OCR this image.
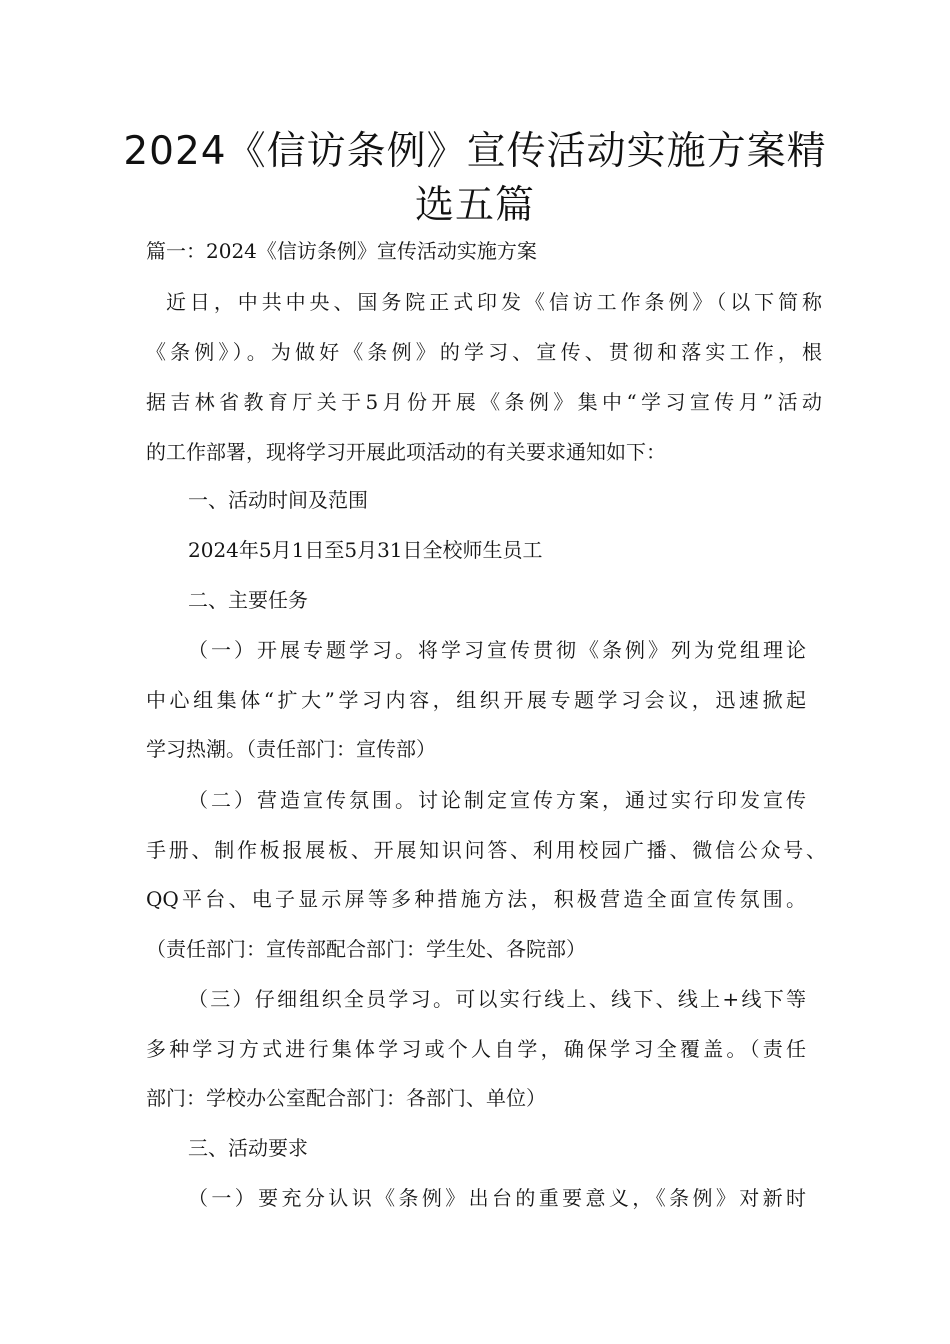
2024《信访条例》宣传活动实施方案精
选五篇
篇一：2024《信访条例》宣传活动实施方案
近日，中共中央、国务院正式印发《信访工作条例》（以下简称
《条例》）。为做好《条例》的学习、宣传、贯彻和落实工作，根
据吉林省教育厅关于5月份开展《条例》集中“学习宣传月”活动
的工作部署，现将学习开展此项活动的有关要求通知如下：
一、活动时间及范围
2024年5月1日至5月31日全校师生员工
二、主要任务
（一）开展专题学习。将学习宣传贯彻《条例》列为党组理论
中心组集体“扩大”学习内容，组织开展专题学习会议，迅速掀起
学习热潮。（责任部门：宣传部）
（二）营造宣传氛围。讨论制定宣传方案，通过实行印发宣传
手册、制作板报展板、开展知识问答、利用校园广播、微信公众号、
QQ平台、电子显示屏等多种措施方法，积极营造全面宣传氛围。
（责任部门：宣传部配合部门：学生处、各院部）
（三）仔细组织全员学习。可以实行线上、线下、线上+线下等
多种学习方式进行集体学习或个人自学，确保学习全覆盖。（责任
部门：学校办公室配合部门：各部门、单位）
三、活动要求
（一）要充分认识《条例》出台的重要意义，《条例》对新时
